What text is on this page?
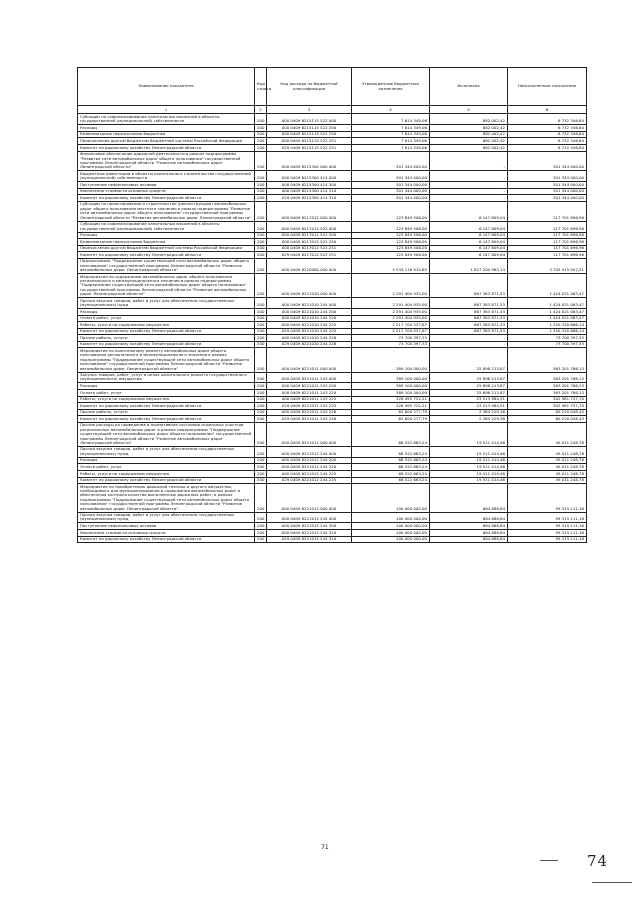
Наименование показателя	Код строки	Код расхода по бюджетной классификации	Утвержденные бюджетные назначения	Исполнено	Неисполненные назначения
1	2	3	4	5	6
Субсидии на софинансирование капитальных вложений в объекты государственной (муниципальной) собственности	200	000 0409 6215115 522 000	7 614 349,06	882 002,42	6 732 346,64
Расходы	200	000 0409 6215115 522 200	7 614 349,06	882 002,42	6 732 346,64
Безвозмездные перечисления бюджетам	200	000 0409 6215115 522 250	7 614 349,06	882 002,42	6 732 346,64
Перечисления другим бюджетам бюджетной системы Российской Федерации	200	000 0409 6215115 522 251	7 614 349,06	882 002,42	6 732 346,64
Комитет по дорожному хозяйству Ленинградской области	200	029 0409 6215115 522 251	7 614 349,06	882 002,42	6 732 346,64
Финансовое обеспечение дорожной деятельности в рамках подпрограммы "Развитие сети автомобильных дорог общего пользования" государственной программы Ленинградской области "Развитие автомобильных дорог Ленинградской области"	200	000 0409 6215300 000 000	301 344 000,00	-	301 344 000,00
Бюджетные инвестиции в объекты капитального строительства государственной (муниципальной) собственности	200	000 0409 6215300 414 000	301 344 000,00	-	301 344 000,00
Поступление нефинансовых активов	200	000 0409 6215300 414 300	301 344 000,00	-	301 344 000,00
Увеличение стоимости основных средств	200	000 0409 6215300 414 310	301 344 000,00	-	301 344 000,00
Комитет по дорожному хозяйству Ленинградской области	200	029 0409 6215300 414 310	301 344 000,00	-	301 344 000,00
Субсидии на проектирование и строительство (реконструкцию) автомобильных дорог общего пользования местного значения в рамках подпрограммы "Развитие сети автомобильных дорог общего пользования" государственной программы Ленинградской области "Развитие автомобильных дорог Ленинградской области"	200	000 0409 6217012 000 000	123 849 506,00	6 147 809,04	117 701 696,96
Субсидии на софинансирование капитальных вложений в объекты государственной (муниципальной) собственности	200	000 0409 6217012 522 000	123 849 506,00	6 147 809,04	117 701 696,96
Расходы	200	000 0409 6217012 522 200	123 849 506,00	6 147 809,04	117 701 696,96
Безвозмездные перечисления бюджетам	200	000 0409 6217012 522 250	123 849 506,00	6 147 809,04	117 701 696,96
Перечисления другим бюджетам бюджетной системы Российской Федерации	200	000 0409 6217012 522 251	123 849 506,00	6 147 809,04	117 701 696,96
Комитет по дорожному хозяйству Ленинградской области	200	029 0409 6217012 522 251	123 849 506,00	6 147 809,04	117 701 696,96
Подпрограмма "Поддержание существующей сети автомобильных дорог общего пользования" государственной программы Ленинградской области "Развитие автомобильных дорог Ленинградской области"	200	000 0409 6220000 000 000	5 533 116 910,65	1 827 200 963,14	3 705 915 947,51
Мероприятия по содержанию автомобильных дорог общего пользования регионального и межмуниципального значения в рамках подпрограммы "Поддержание существующей сети автомобильных дорог общего пользования" государственной программы Ленинградской области "Развитие автомобильных дорог Ленинградской области"	200	000 0409 6221010 000 000	2 291 404 935,00	867 383 871,53	1 424 021 063,47
Прочая закупка товаров, работ и услуг для обеспечения государственных (муниципальных) нужд	200	000 0409 6221010 244 000	2 291 404 935,00	867 383 871,53	1 424 021 063,47
Расходы	200	000 0409 6221010 244 200	2 291 404 935,00	867 383 871,53	1 424 021 063,47
Оплата работ, услуг	200	000 0409 6221010 244 220	2 291 404 935,00	867 383 871,53	1 424 021 063,47
Работы, услуги по содержанию имущества	200	000 0409 6221010 244 225	2 217 704 537,67	867 383 871,53	1 350 320 666,14
Комитет по дорожному хозяйству Ленинградской области	200	029 0409 6221010 244 225	2 217 704 537,67	867 383 871,53	1 350 320 666,14
Прочие работы, услуги	200	000 0409 6221010 244 226	73 700 397,33	-	73 700 397,33
Комитет по дорожному хозяйству Ленинградской области	200	029 0409 6221010 244 226	73 700 397,33	-	73 700 397,33
Мероприятия по капитальному ремонту автомобильных дорог общего пользования регионального и межмуниципального значения в рамках подпрограммы "Поддержание существующей сети автомобильных дорог общего пользования" государственной программы Ленинградской области "Развитие автомобильных дорог Ленинградской области"	200	000 0409 6221011 000 000	389 100 000,00	25 898 213,87	363 201 786,13
Закупка товаров, работ, услуг в целях капитального ремонта государственного (муниципального) имущества	200	000 0409 6221011 243 000	389 100 000,00	25 898 213,87	363 201 786,13
Расходы	200	000 0409 6221011 243 200	389 100 000,00	25 898 213,87	363 201 786,13
Оплата работ, услуг	200	000 0409 6221011 243 220	389 100 000,00	25 898 213,87	363 201 786,13
Работы, услуги по содержанию имущества	200	000 0409 6221011 243 225	326 495 722,21	23 513 984,51	302 981 737,70
Комитет по дорожному хозяйству Ленинградской области	200	029 0409 6221011 243 225	326 495 722,21	23 513 984,51	302 981 737,70
Прочие работы, услуги	200	000 0409 6221011 243 226	62 604 277,79	2 384 229,36	60 220 048,43
Комитет по дорожному хозяйству Ленинградской области	200	029 0409 6221011 243 226	62 604 277,79	2 384 229,36	60 220 048,43
Прочие расходы на приведение в нормативное состояние отдельных участков региональных автомобильных дорог в рамках подпрограммы "Поддержание существующей сети автомобильных дорог общего пользования" государственной программы Ленинградской области "Развитие автомобильных дорог Ленинградской области"	200	000 0409 6221012 000 000	68 522 663,24	19 511 414,46	49 011 248,78
Прочая закупка товаров, работ и услуг для обеспечения государственных (муниципальных) нужд	200	000 0409 6221012 244 000	68 522 663,24	19 511 414,46	49 011 248,78
Расходы	200	000 0409 6221012 244 200	68 522 663,24	19 511 414,46	49 011 248,78
Оплата работ, услуг	200	000 0409 6221012 244 220	68 522 663,24	19 511 414,46	49 011 248,78
Работы, услуги по содержанию имущества	200	000 0409 6221012 244 225	68 522 663,24	19 511 414,46	49 011 248,78
Комитет по дорожному хозяйству Ленинградской области	200	029 0409 6221012 244 225	68 522 663,24	19 511 414,46	49 011 248,78
Мероприятия по приобретению дорожной техники и другого имущества, необходимого для функционирования и содержания автомобильных дорог и обеспечения контроля качества выполненных дорожных работ, в рамках подпрограммы "Поддержание существующей сети автомобильных дорог общего пользования" государственной программы Ленинградской области "Развитие автомобильных дорог Ленинградской области"	200	000 0409 6221015 000 000	100 000 000,00	684 888,84	99 315 111,16
Прочая закупка товаров, работ и услуг для обеспечения государственных (муниципальных) нужд	200	000 0409 6221015 244 000	100 000 000,00	684 888,84	99 315 111,16
Поступление нефинансовых активов	200	000 0409 6221015 244 300	100 000 000,00	684 888,84	99 315 111,16
Увеличение стоимости основных средств	200	000 0409 6221015 244 310	100 000 000,00	684 888,84	99 315 111,16
Комитет по дорожному хозяйству Ленинградской области	200	029 0409 6221015 244 310	100 000 000,00	684 888,84	99 315 111,16
71
74
